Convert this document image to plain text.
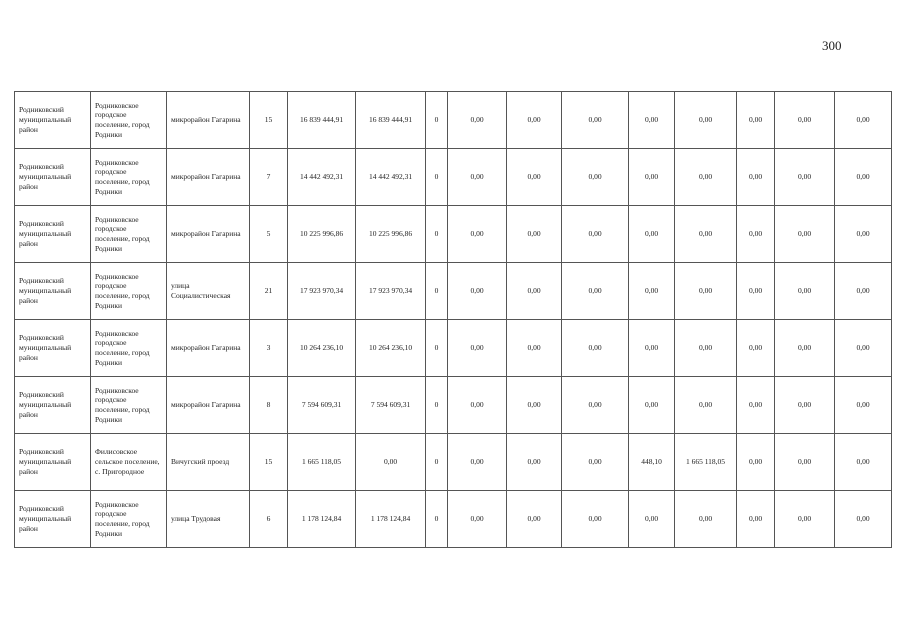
300
Родниковский муниципальный район	Родниковское городское поселение, город Родники	микрорайон Гагарина	15	16 839 444,91	16 839 444,91	0	0,00	0,00	0,00	0,00	0,00	0,00	0,00	0,00
Родниковский муниципальный район	Родниковское городское поселение, город Родники	микрорайон Гагарина	7	14 442 492,31	14 442 492,31	0	0,00	0,00	0,00	0,00	0,00	0,00	0,00	0,00
Родниковский муниципальный район	Родниковское городское поселение, город Родники	микрорайон Гагарина	5	10 225 996,86	10 225 996,86	0	0,00	0,00	0,00	0,00	0,00	0,00	0,00	0,00
Родниковский муниципальный район	Родниковское городское поселение, город Родники	улица Социалистическая	21	17 923 970,34	17 923 970,34	0	0,00	0,00	0,00	0,00	0,00	0,00	0,00	0,00
Родниковский муниципальный район	Родниковское городское поселение, город Родники	микрорайон Гагарина	3	10 264 236,10	10 264 236,10	0	0,00	0,00	0,00	0,00	0,00	0,00	0,00	0,00
Родниковский муниципальный район	Родниковское городское поселение, город Родники	микрорайон Гагарина	8	7 594 609,31	7 594 609,31	0	0,00	0,00	0,00	0,00	0,00	0,00	0,00	0,00
Родниковский муниципальный район	Филисовское сельское поселение, с. Пригородное	Вичугский проезд	15	1 665 118,05	0,00	0	0,00	0,00	0,00	448,10	1 665 118,05	0,00	0,00	0,00
Родниковский муниципальный район	Родниковское городское поселение, город Родники	улица Трудовая	6	1 178 124,84	1 178 124,84	0	0,00	0,00	0,00	0,00	0,00	0,00	0,00	0,00
